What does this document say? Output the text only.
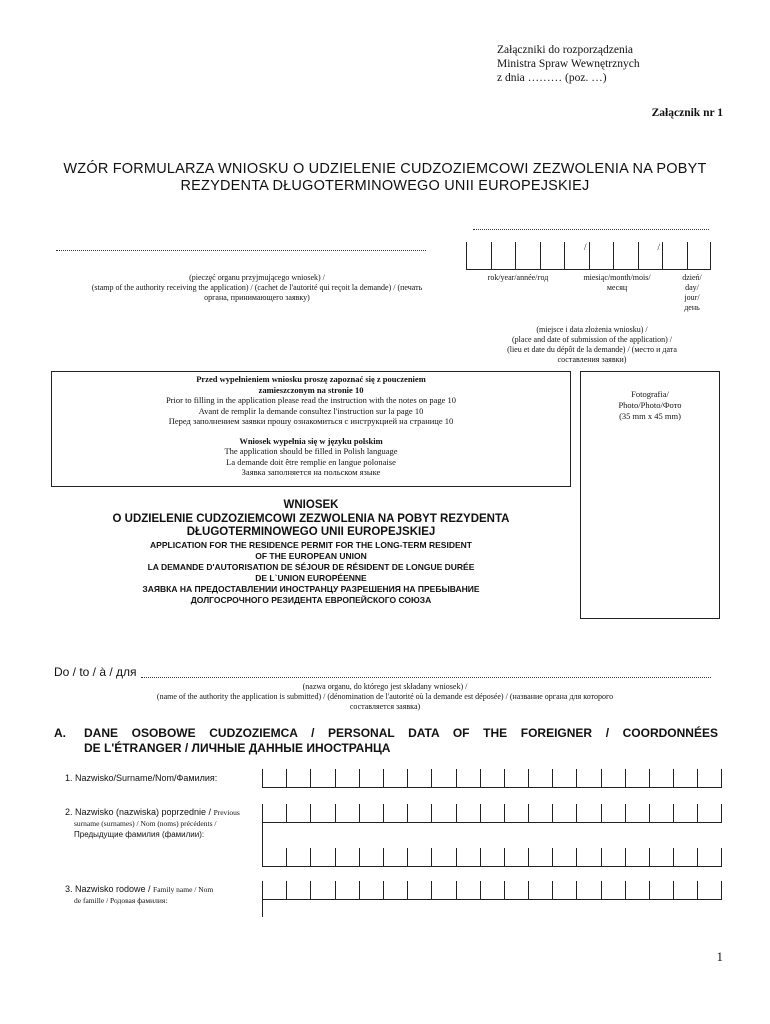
Załączniki do rozporządzenia
Ministra Spraw Wewnętrznych
z dnia ……… (poz. …)
Załącznik nr 1
WZÓR FORMULARZA WNIOSKU O UDZIELENIE CUDZOZIEMCOWI ZEZWOLENIA NA POBYT
REZYDENTA DŁUGOTERMINOWEGO UNII EUROPEJSKIEJ
(pieczęć organu przyjmującego wniosek) /
(stamp of the authority receiving the application) / (cachet de l'autorité qui reçoit la demande) / (печать
органа, принимающего заявку)
/
/
rok/year/année/год	miesiąc/month/mois/
месяц
dzień/
day/
jour/
день
(miejsce i data złożenia wniosku) /
(place and date of submission of the application) /
(lieu et date du dépôt de la demande) / (место и дата
составления заявки)
Przed wypełnieniem wniosku proszę zapoznać się z pouczeniem
zamieszczonym na stronie 10
Prior to filling in the application please read the instruction with the notes on page 10
Avant de remplir la demande consultez l'instruction sur la page 10
Перед заполнением заявки прошу ознакомиться с инструкцией на странице 10
Wniosek wypełnia się w języku polskim
The application should be filled in Polish language
La demande doit être remplie en langue polonaise
Заявка заполняется на польском языке
Fotografia/
Photo/Photo/Фото
(35 mm x 45 mm)
WNIOSEK
O UDZIELENIE CUDZOZIEMCOWI ZEZWOLENIA NA POBYT REZYDENTA
DŁUGOTERMINOWEGO UNII EUROPEJSKIEJ
APPLICATION FOR THE RESIDENCE PERMIT FOR THE LONG-TERM RESIDENT
OF THE EUROPEAN UNION
LA DEMANDE D'AUTORISATION DE SÉJOUR DE RÉSIDENT DE LONGUE DURÉE
DE L`UNION EUROPÉENNE
ЗАЯВКА НА ПРЕДОСТАВЛЕНИИ ИНОСТРАНЦУ РАЗРЕШЕНИЯ НА ПРЕБЫВАНИЕ
ДОЛГОСРОЧНОГО РЕЗИДЕНТА ЕВРОПЕЙСКОГО СОЮЗА
Do / to / à / для
(nazwa organu, do którego jest składany wniosek) /
(name of the authority the application is submitted) / (dénomination de l'autorité où la demande est déposée) / (название органа для которого
составляется заявка)
A. DANE OSOBOWE CUDZOZIEMCA / PERSONAL DATA OF THE FOREIGNER / COORDONNÉES
DE L'ÉTRANGER / ЛИЧНЫЕ ДАННЫЕ ИНОСТРАНЦА
1. Nazwisko/Surname/Nom/Фамилия:
2. Nazwisko (nazwiska) poprzednie / Previous
surname (surnames) / Nom (noms) précédents /
Предыдущие фамилия (фамилии):
3. Nazwisko rodowe / Family name / Nom
de famille / Родовая фамилия:
1
